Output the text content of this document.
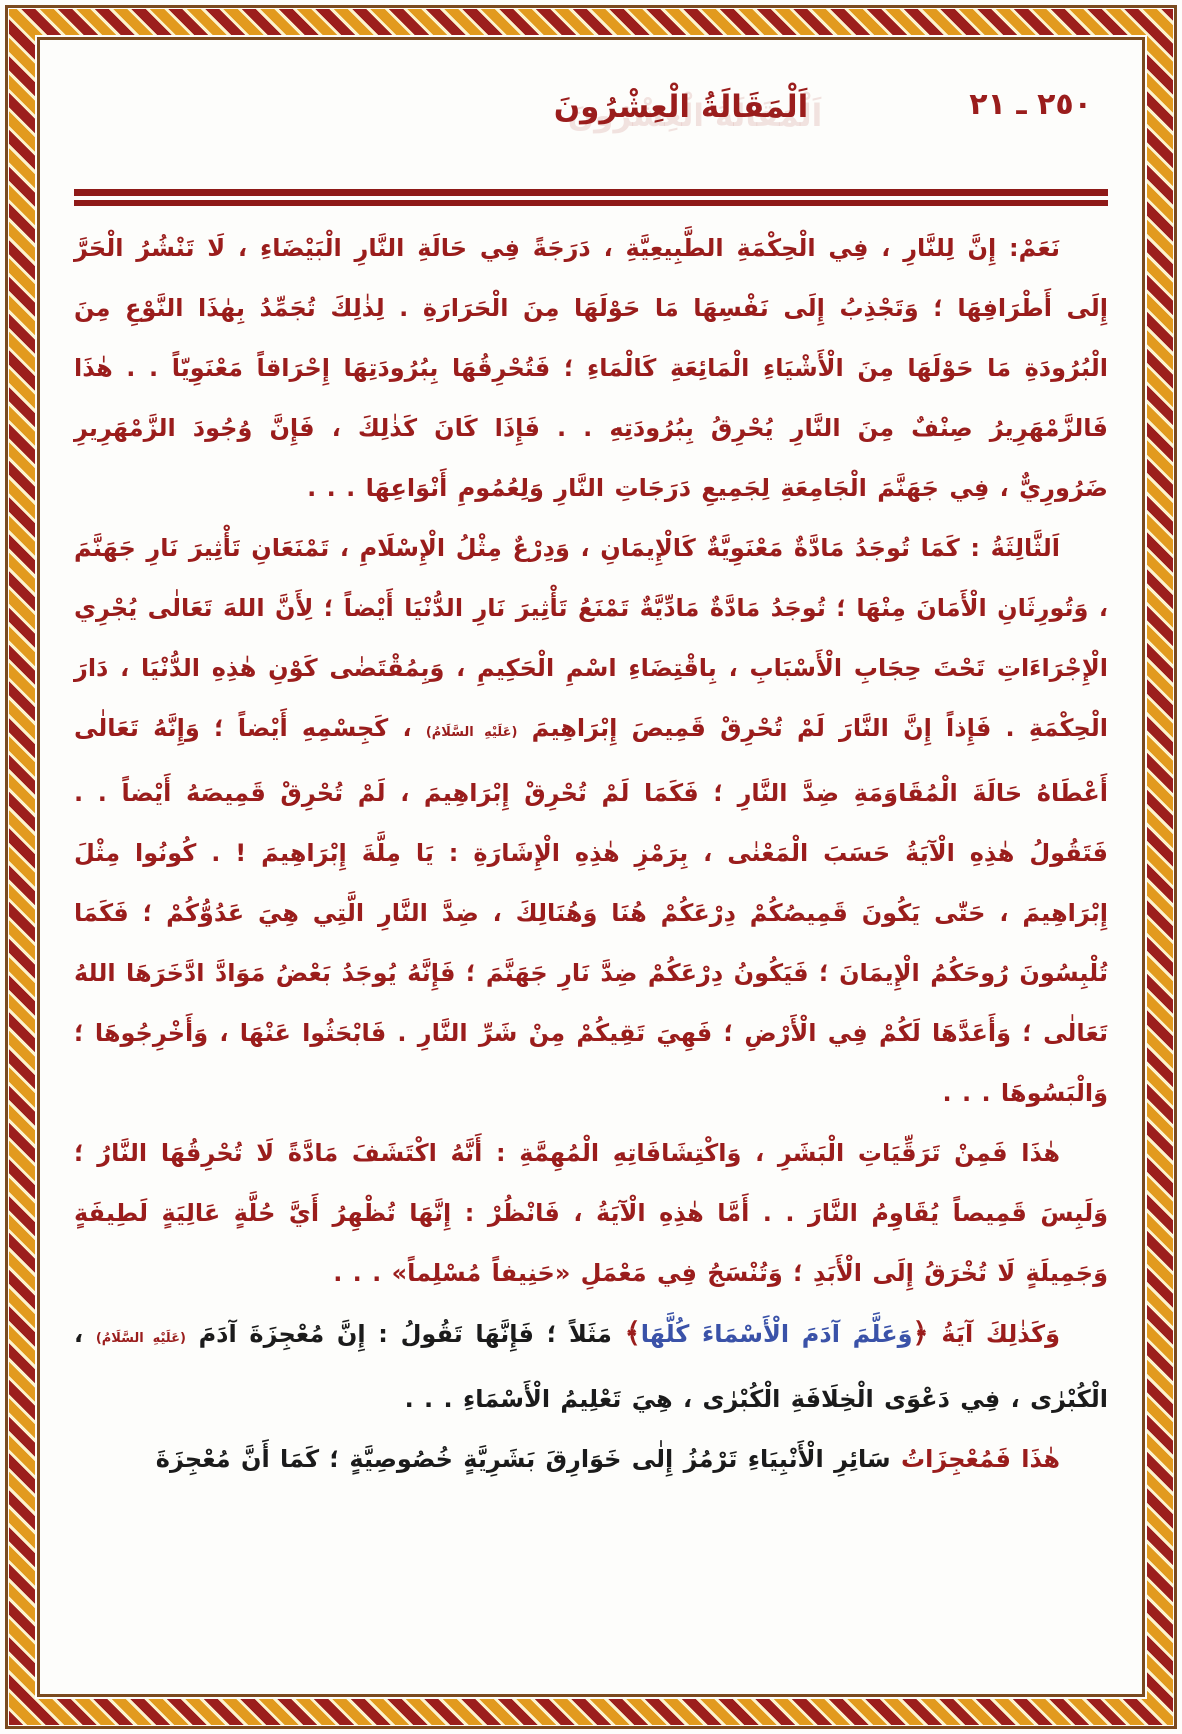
٢٥٠ ـ ٢١
اَلْمَقَالَةُ الْعِشْرُونَ

نَعَمْ: إِنَّ لِلنَّارِ ، فِي الْحِكْمَةِ الطَّبِيعِيَّةِ ، دَرَجَةً فِي حَالَةِ النَّارِ الْبَيْضَاءِ ، لَا تَنْشُرُ الْحَرَّ إِلَى أَطْرَافِهَا ؛ وَتَجْذِبُ إِلَى نَفْسِهَا مَا حَوْلَهَا مِنَ الْحَرَارَةِ . لِذٰلِكَ تُجَمِّدُ بِهٰذَا النَّوْعِ مِنَ الْبُرُودَةِ مَا حَوْلَهَا مِنَ الْأَشْيَاءِ الْمَائِعَةِ كَالْمَاءِ ؛ فَتُحْرِقُهَا بِبُرُودَتِهَا إِحْرَاقاً مَعْنَوِيّاً . . هٰذَا فَالزَّمْهَرِيرُ صِنْفٌ مِنَ النَّارِ يُحْرِقُ بِبُرُودَتِهِ . . فَإِذَا كَانَ كَذٰلِكَ ، فَإِنَّ وُجُودَ الزَّمْهَرِيرِ ضَرُورِيٌّ ، فِي جَهَنَّمَ الْجَامِعَةِ لِجَمِيعِ دَرَجَاتِ النَّارِ وَلِعُمُومِ أَنْوَاعِهَا . . .

اَلثَّالِثَةُ : كَمَا تُوجَدُ مَادَّةٌ مَعْنَوِيَّةٌ كَالْإِيمَانِ ، وَدِرْعٌ مِثْلُ الْإِسْلَامِ ، تَمْنَعَانِ تَأْثِيرَ نَارِ جَهَنَّمَ ، وَتُورِثَانِ الْأَمَانَ مِنْهَا ؛ تُوجَدُ مَادَّةٌ مَادِّيَّةٌ تَمْنَعُ تَأْثِيرَ نَارِ الدُّنْيَا أَيْضاً ؛ لِأَنَّ اللهَ تَعَالٰى يُجْرِي الْإِجْرَاءَاتِ تَحْتَ حِجَابِ الْأَسْبَابِ ، بِاقْتِضَاءِ اسْمِ الْحَكِيمِ ، وَبِمُقْتَضٰى كَوْنِ هٰذِهِ الدُّنْيَا ، دَارَ الْحِكْمَةِ . فَإِذاً إِنَّ النَّارَ لَمْ تُحْرِقْ قَمِيصَ إِبْرَاهِيمَ (عَلَيْهِ السَّلَامُ) ، كَجِسْمِهِ أَيْضاً ؛ وَإِنَّهُ تَعَالٰى أَعْطَاهُ حَالَةَ الْمُقَاوَمَةِ ضِدَّ النَّارِ ؛ فَكَمَا لَمْ تُحْرِقْ إِبْرَاهِيمَ ، لَمْ تُحْرِقْ قَمِيصَهُ أَيْضاً . . فَتَقُولُ هٰذِهِ الْآيَةُ حَسَبَ الْمَعْنٰى ، بِرَمْزِ هٰذِهِ الْإِشَارَةِ : يَا مِلَّةَ إِبْرَاهِيمَ ! . كُونُوا مِثْلَ إِبْرَاهِيمَ ، حَتّٰى يَكُونَ قَمِيصُكُمْ دِرْعَكُمْ هُنَا وَهُنَالِكَ ، ضِدَّ النَّارِ الَّتِي هِيَ عَدُوُّكُمْ ؛ فَكَمَا تُلْبِسُونَ رُوحَكُمُ الْإِيمَانَ ؛ فَيَكُونُ دِرْعَكُمْ ضِدَّ نَارِ جَهَنَّمَ ؛ فَإِنَّهُ يُوجَدُ بَعْضُ مَوَادَّ ادَّخَرَهَا اللهُ تَعَالٰى ؛ وَأَعَدَّهَا لَكُمْ فِي الْأَرْضِ ؛ فَهِيَ تَقِيكُمْ مِنْ شَرِّ النَّارِ . فَابْحَثُوا عَنْهَا ، وَأَخْرِجُوهَا ؛ وَالْبَسُوهَا . . .

هٰذَا فَمِنْ تَرَقِّيَاتِ الْبَشَرِ ، وَاكْتِشَافَاتِهِ الْمُهِمَّةِ : أَنَّهُ اكْتَشَفَ مَادَّةً لَا تُحْرِقُهَا النَّارُ ؛ وَلَبِسَ قَمِيصاً يُقَاوِمُ النَّارَ . . أَمَّا هٰذِهِ الْآيَةُ ، فَانْظُرْ : إِنَّهَا تُظْهِرُ أَيَّ حُلَّةٍ عَالِيَةٍ لَطِيفَةٍ وَجَمِيلَةٍ لَا تُخْرَقُ إِلَى الْأَبَدِ ؛ وَتُنْسَجُ فِي مَعْمَلِ «حَنِيفاً مُسْلِماً» . . .

وَكَذٰلِكَ آيَةُ ﴿وَعَلَّمَ آدَمَ الْأَسْمَاءَ كُلَّهَا﴾ مَثَلاً ؛ فَإِنَّهَا تَقُولُ : إِنَّ مُعْجِزَةَ آدَمَ (عَلَيْهِ السَّلَامُ) ، الْكُبْرٰى ، فِي دَعْوَى الْخِلَافَةِ الْكُبْرٰى ، هِيَ تَعْلِيمُ الْأَسْمَاءِ . . .

هٰذَا فَمُعْجِزَاتُ سَائِرِ الْأَنْبِيَاءِ تَرْمُزُ إِلٰى خَوَارِقَ بَشَرِيَّةٍ خُصُوصِيَّةٍ ؛ كَمَا أَنَّ مُعْجِزَةَ
